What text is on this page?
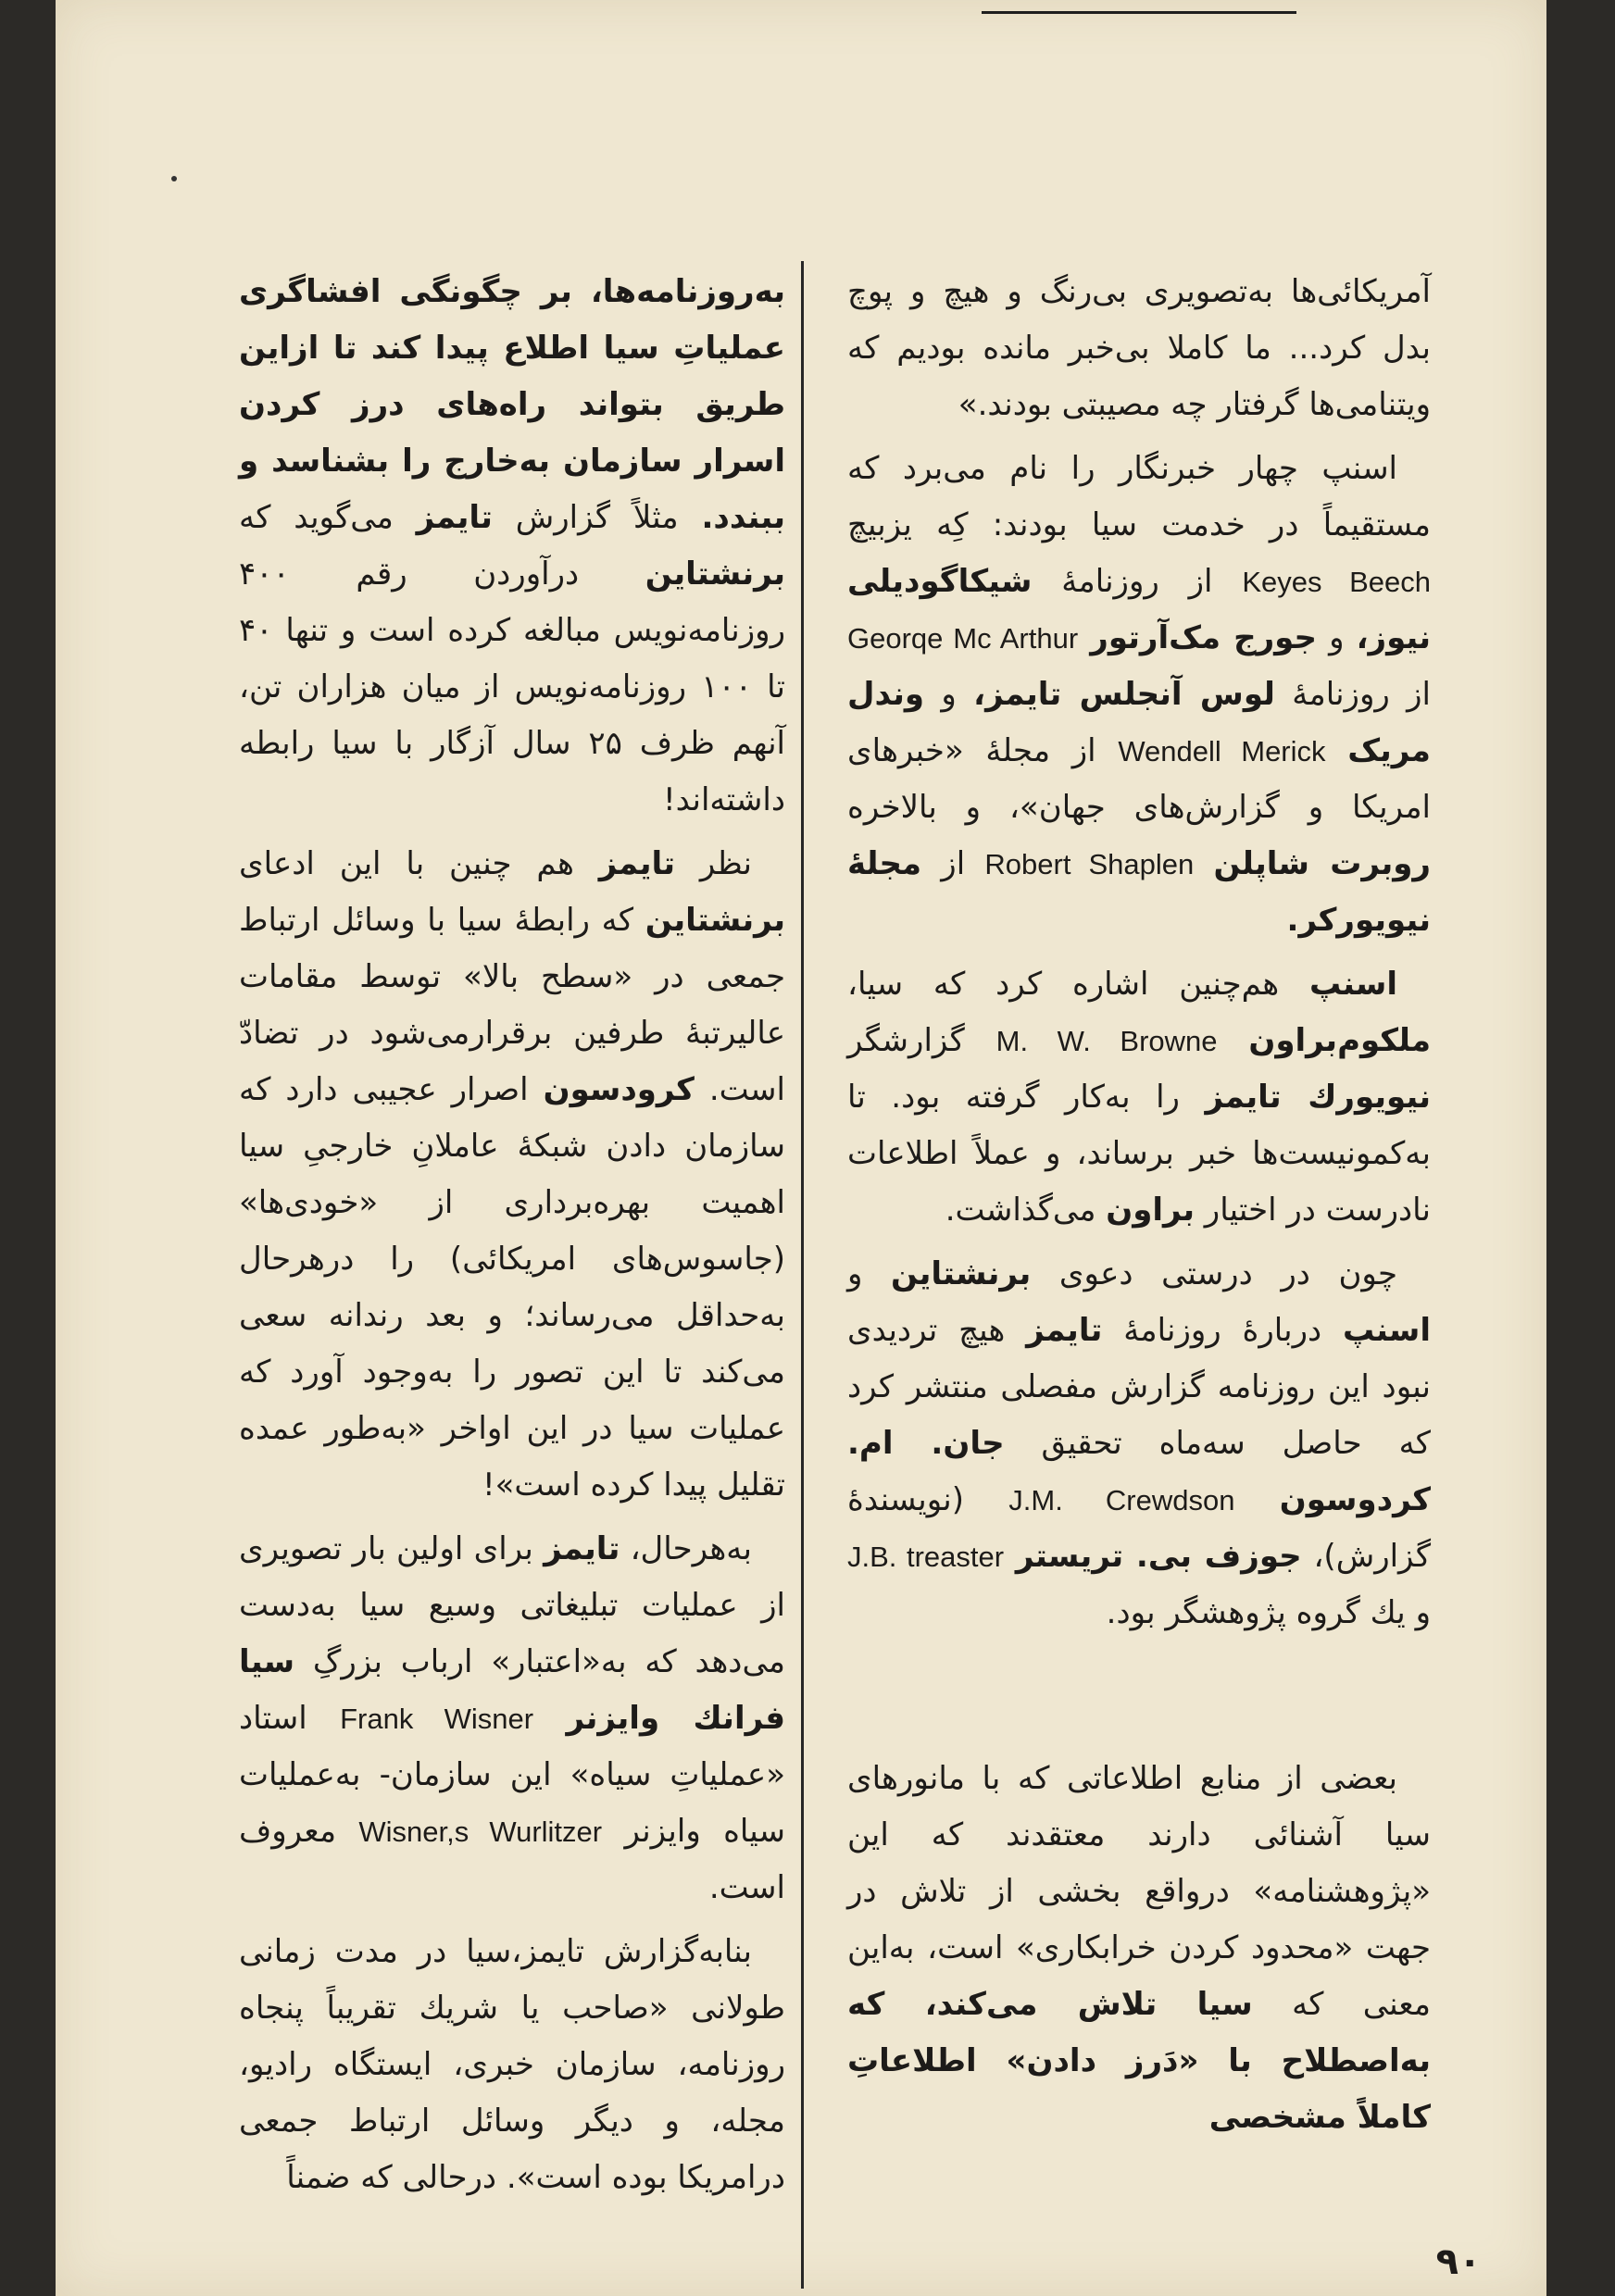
آمریکائی‌ها به‌تصویری بی‌رنگ و هیچ و پوچ بدل کرد... ما کاملا بی‌خبر مانده بودیم که ویتنامی‌ها گرفتار چه مصیبتی بودند.»

اسنپ چهار خبرنگار را نام می‌برد که مستقیماً در خدمت سیا بودند: کِه یزبیچ Keyes Beech از روزنامهٔ شیکاگودیلی نیوز، و جورج مک‌آرتور Georqe Mc Arthur از روزنامهٔ لوس آنجلس تایمز، و وندل مریک Wendell Merick از مجلهٔ «خبرهای امریکا و گزارش‌های جهان»، و بالاخره روبرت شاپلن Robert Shaplen از مجلهٔ نیویورکر.

اسنپ هم‌چنین اشاره کرد که سیا، ملکوم‌براون M. W. Browne گزارشگر نیویورك تایمز را به‌کار گرفته بود. تا به‌کمونیست‌ها خبر برساند، و عملاً اطلاعات نادرست در اختیار براون می‌گذاشت.

چون در درستی دعوی برنشتاین و اسنپ دربارهٔ روزنامهٔ تایمز هیچ تردیدی نبود این روزنامه گزارش مفصلی منتشر کرد که حاصل سه‌ماه تحقیق جان. ام. کردوسون J.M. Crewdson (نویسندهٔ گزارش)، جوزف بی. تریستر J.B. treaster و یك گروه پژوهشگر بود.

بعضی از منابع اطلاعاتی که با مانورهای سیا آشنائی دارند معتقدند که این «پژوهشنامه» درواقع بخشی از تلاش در جهت «محدود کردن خرابکاری» است، به‌این معنی که سیا تلاش می‌کند، که به‌اصطلاح با «دَرز دادن» اطلاعاتِ کاملاً مشخصی

به‌روزنامه‌ها، بر چگونگی افشاگری عملیاتِ سیا اطلاع پیدا کند تا ازاین طریق بتواند راه‌های درز کردن اسرار سازمان به‌خارج را بشناسد و ببندد. مثلاً گزارش تایمز می‌گوید که برنشتاین درآوردن رقم ۴۰۰ روزنامه‌نویس مبالغه کرده است و تنها ۴۰ تا ۱۰۰ روزنامه‌نویس از میان هزاران تن، آنهم ظرف ۲۵ سال آزگار با سیا رابطه داشته‌اند!

نظر تایمز هم چنین با این ادعای برنشتاین که رابطهٔ سیا با وسائل ارتباط جمعی در «سطح بالا» توسط مقامات عالیرتبهٔ طرفین برقرارمی‌شود در تضادّ است. کرودسون اصرار عجیبی دارد که سازمان دادن شبکهٔ عاملانِ خارجیِ سیا اهمیت بهره‌برداری از «خودی‌ها» (جاسوس‌های امریکائی) را درهرحال به‌حداقل می‌رساند؛ و بعد رندانه سعی می‌کند تا این تصور را به‌وجود آورد که عملیات سیا در این اواخر «به‌طور عمده تقلیل پیدا کرده است»!

به‌هرحال، تایمز برای اولین بار تصویری از عملیات تبلیغاتی وسیع سیا به‌دست می‌دهد که به«اعتبار» ارباب بزرگِ سیا فرانك وایزنر Frank Wisner استاد «عملیاتِ سیاه» این سازمان- به‌عملیات سیاه وایزنر Wisner,s Wurlitzer معروف است.

بنابه‌گزارش تایمز،سیا در مدت زمانی طولانی «صاحب یا شریك تقریباً پنجاه روزنامه، سازمان خبری، ایستگاه رادیو، مجله، و دیگر وسائل ارتباط جمعی درامریکا بوده است». درحالی که ضمناً

۹۰
